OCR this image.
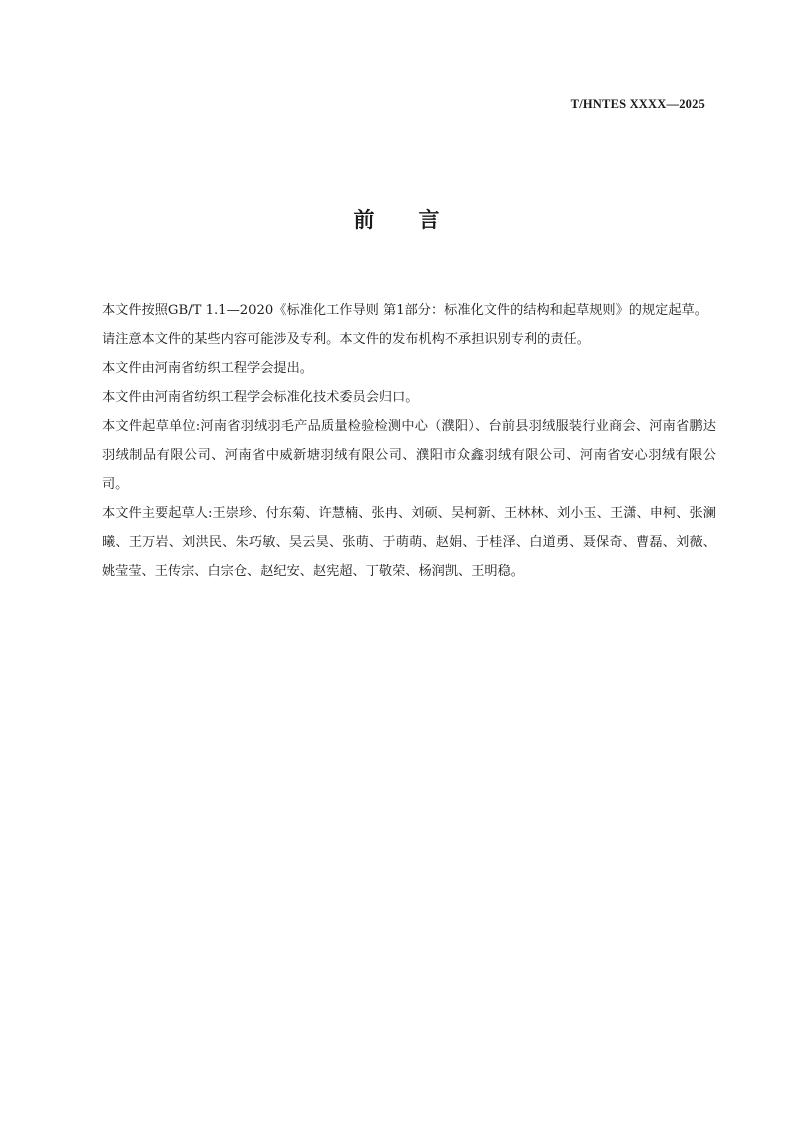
T/HNTES XXXX—2025
前 言

本文件按照GB/T 1.1—2020《标准化工作导则 第1部分：标准化文件的结构和起草规则》的规定起草。

请注意本文件的某些内容可能涉及专利。本文件的发布机构不承担识别专利的责任。

本文件由河南省纺织工程学会提出。

本文件由河南省纺织工程学会标准化技术委员会归口。

本文件起草单位:河南省羽绒羽毛产品质量检验检测中心（濮阳）、台前县羽绒服装行业商会、河南省鹏达羽绒制品有限公司、河南省中威新塘羽绒有限公司、濮阳市众鑫羽绒有限公司、河南省安心羽绒有限公司。

本文件主要起草人:王崇珍、付东菊、许慧楠、张冉、刘硕、吴柯新、王林林、刘小玉、王潇、申柯、张澜曦、王万岩、刘洪民、朱巧敏、吴云昊、张萌、于萌萌、赵娟、于桂泽、白道勇、聂保奇、曹磊、刘薇、姚莹莹、王传宗、白宗仓、赵纪安、赵宪超、丁敬荣、杨润凯、王明稳。
